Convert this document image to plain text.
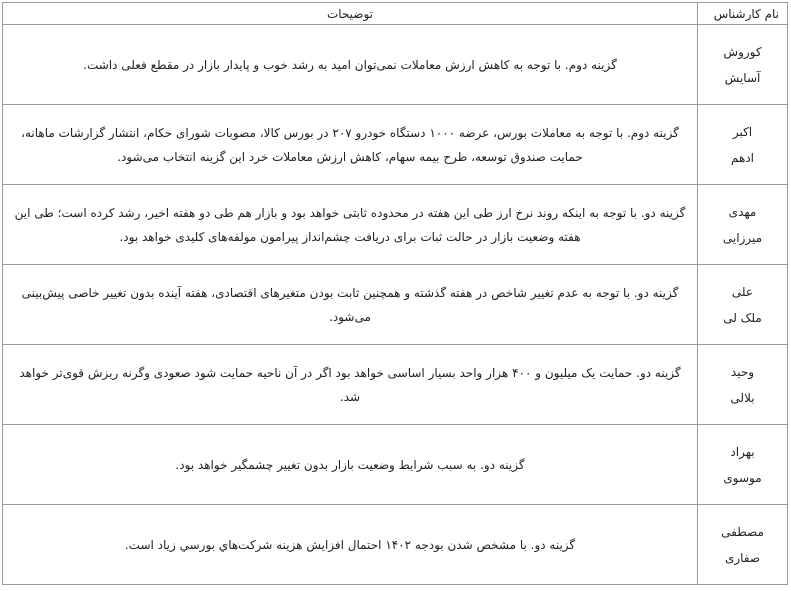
نام کارشناس	توضیحات

کوروش
آسایش	گزینه دوم. با توجه به کاهش ارزش معاملات نمی‌توان امید به رشد خوب و پایدار بازار در مقطع فعلی داشت.

اکبر
ادهم	گزینه دوم. با توجه به معاملات بورس، عرضه ۱۰۰۰ دستگاه خودرو ۲۰۷ در بورس کالا، مصوبات شورای حکام، انتشار گزارشات ماهانه، حمایت صندوق توسعه، طرح بیمه سهام، کاهش ارزش معاملات خرد این گزینه انتخاب می‌شود.

مهدی
میرزایی	گزینه دو. با توجه به اینکه روند نرخ ارز طی این هفته در محدوده ثابتی خواهد بود و بازار هم طی دو هفته اخیر، رشد کرده است؛ طی این هفته وضعیت بازار در حالت ثبات برای دریافت چشم‌انداز پیرامون مولفه‌های کلیدی خواهد بود.

علی
ملک لی	گزینه دو. با توجه به عدم تغییر شاخص در هفته گذشته و همچنین ثابت بودن متغیرهای اقتصادی، هفته آینده بدون تغییر خاصی پیش‌بینی می‌شود.

وحید
بلالی	گزینه دو. حمایت یک میلیون و ۴۰۰ هزار واحد بسیار اساسی خواهد بود اگر در آن ناحیه حمایت شود صعودی وگرنه ریزش قوی‌تر خواهد شد.

بهراد
موسوی	گزینه دو. به سبب شرایط وضعیت بازار بدون تغییر چشمگیر خواهد بود.

مصطفی
صفاری	گزینه دو. با مشخص شدن بودجه ۱۴۰۲ احتمال افزایش هزینه شرکت‌هاي بورسي زیاد است.
